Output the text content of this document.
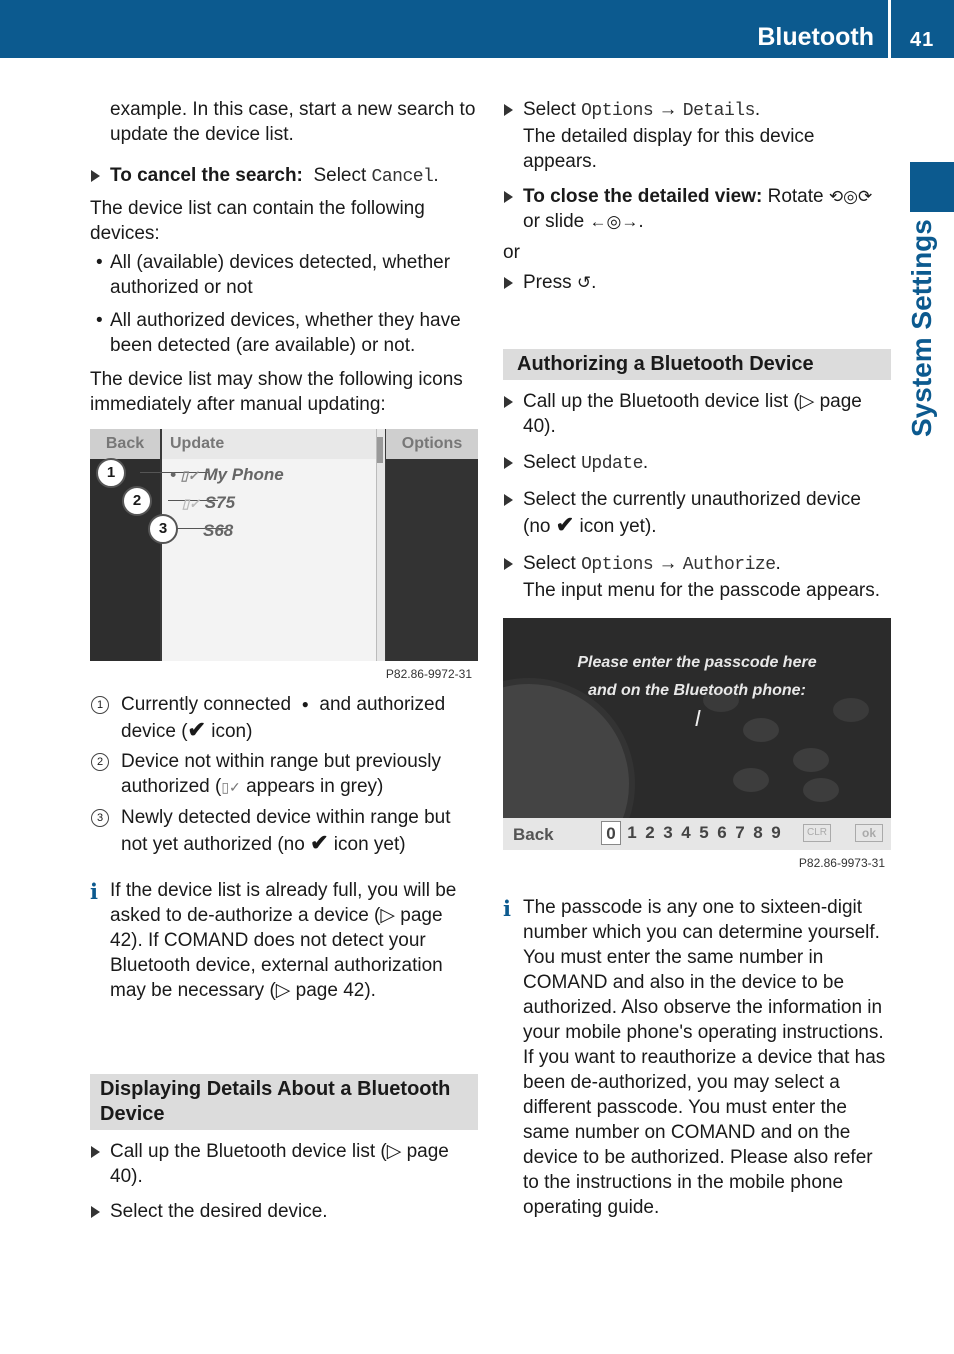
Bluetooth 41
System Settings

example. In this case, start a new search to update the device list.

To cancel the search: Select Cancel.

The device list can contain the following devices:

• All (available) devices detected, whether authorized or not

• All authorized devices, whether they have been detected (are available) or not.

The device list may show the following icons immediately after manual updating:

Back	Update	Options
1
2
3
• ▯✓ My Phone
▯✓ S75
S68
P82.86-9972-31

1 Currently connected ● and authorized device (✔ icon)

2 Device not within range but previously authorized (▯✓ appears in grey)

3 Newly detected device within range but not yet authorized (no ✔ icon yet)

i If the device list is already full, you will be asked to de-authorize a device (▷ page 42). If COMAND does not detect your Bluetooth device, external authorization may be necessary (▷ page 42).

Displaying Details About a Bluetooth Device

Call up the Bluetooth device list (▷ page 40).

Select the desired device.

Select Options → Details.
The detailed display for this device appears.

To close the detailed view: Rotate ⟲◎⟳
or slide ←◎→.

or

Press ↺.

Authorizing a Bluetooth Device

Call up the Bluetooth device list (▷ page 40).

Select Update.

Select the currently unauthorized device (no ✔ icon yet).

Select Options → Authorize.
The input menu for the passcode appears.

Please enter the passcode here
and on the Bluetooth phone:
Back	0 1 2 3 4 5 6 7 8 9	CLR	ok
P82.86-9973-31

i The passcode is any one to sixteen-digit number which you can determine yourself. You must enter the same number in COMAND and also in the device to be authorized. Also observe the information in your mobile phone's operating instructions. If you want to reauthorize a device that has been de-authorized, you may select a different passcode. You must enter the same number on COMAND and on the device to be authorized. Please also refer to the instructions in the mobile phone operating guide.
